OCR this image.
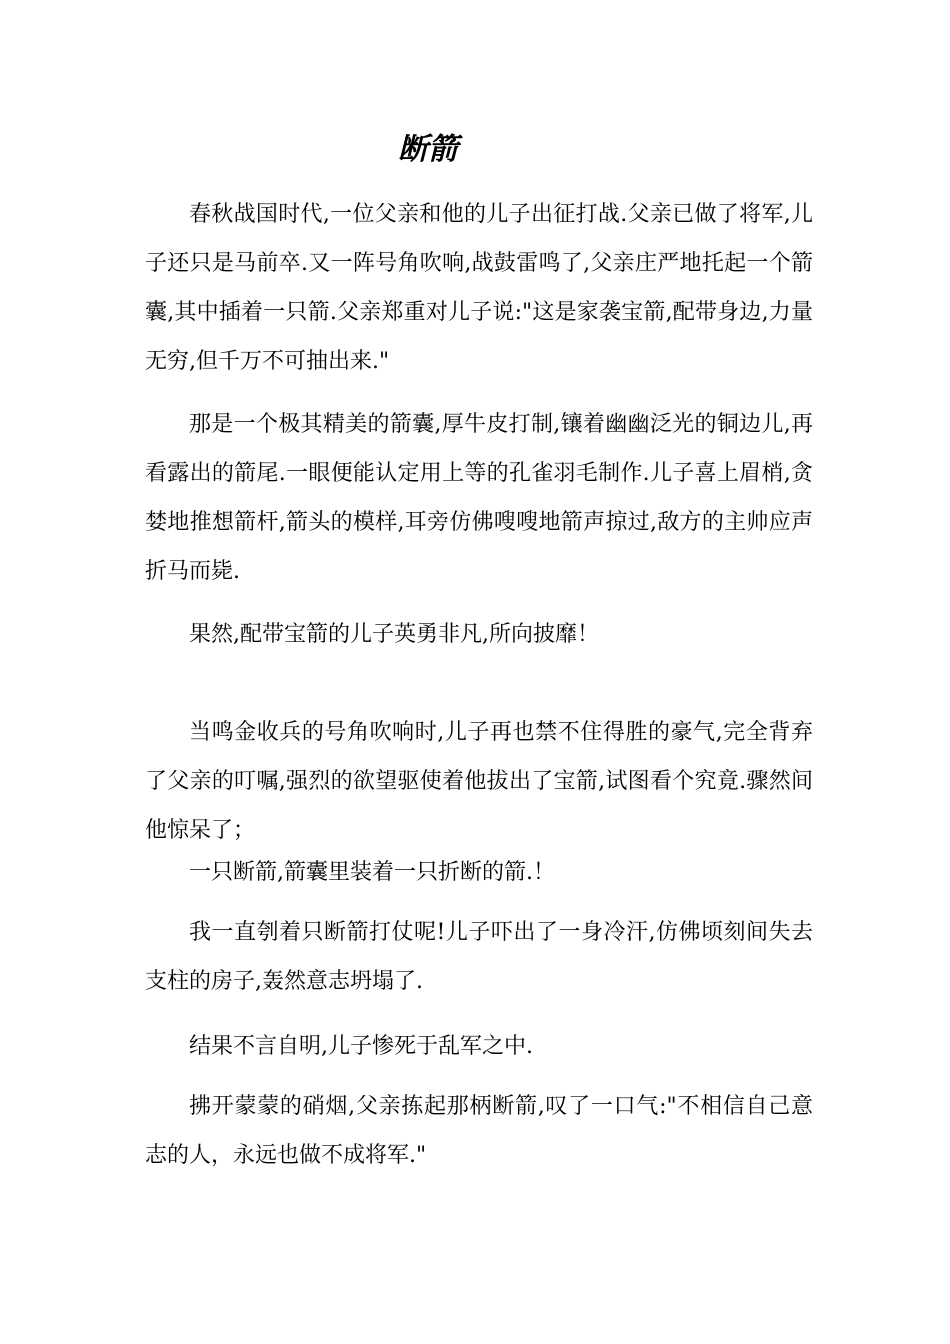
断箭

春秋战国时代,一位父亲和他的儿子出征打战.父亲已做了将军,儿子还只是马前卒.又一阵号角吹响,战鼓雷鸣了,父亲庄严地托起一个箭囊,其中插着一只箭.父亲郑重对儿子说:"这是家袭宝箭,配带身边,力量无穷,但千万不可抽出来."

那是一个极其精美的箭囊,厚牛皮打制,镶着幽幽泛光的铜边儿,再看露出的箭尾.一眼便能认定用上等的孔雀羽毛制作.儿子喜上眉梢,贪婪地推想箭杆,箭头的模样,耳旁仿佛嗖嗖地箭声掠过,敌方的主帅应声折马而毙.

果然,配带宝箭的儿子英勇非凡,所向披靡！

当鸣金收兵的号角吹响时,儿子再也禁不住得胜的豪气,完全背弃了父亲的叮嘱,强烈的欲望驱使着他拔出了宝箭,试图看个究竟.骤然间他惊呆了；

一只断箭,箭囊里装着一只折断的箭.！

我一直刳着只断箭打仗呢!儿子吓出了一身冷汗,仿佛顷刻间失去支柱的房子,轰然意志坍塌了.

结果不言自明,儿子惨死于乱军之中.

拂开蒙蒙的硝烟,父亲拣起那柄断箭,叹了一口气:"不相信自己意志的人，永远也做不成将军."
